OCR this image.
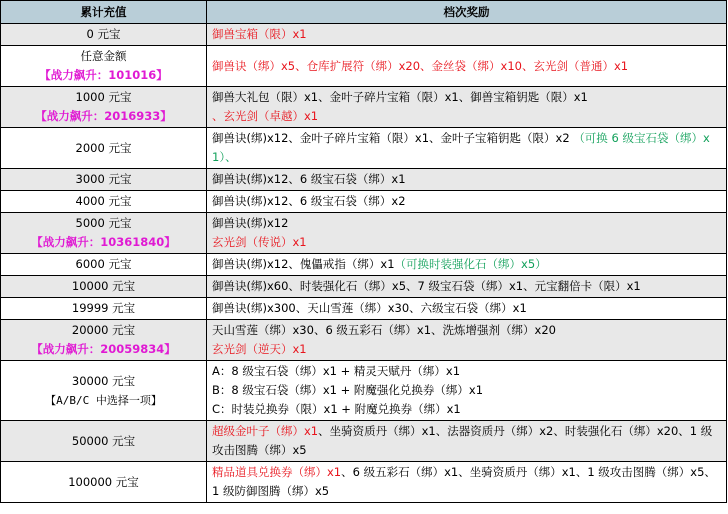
累计充值	档次奖励
0 元宝	御兽宝箱（限）x1

任意金额
【战力飙升：101016】	御兽诀（绑）x5、仓库扩展符（绑）x20、金丝袋（绑）x10、玄光剑（普通）x1

1000 元宝
【战力飙升：2016933】	御兽大礼包（限）x1、金叶子碎片宝箱（限）x1、御兽宝箱钥匙（限）x1
、玄光剑（卓越）x1

2000 元宝	御兽诀(绑)x12、金叶子碎片宝箱（限）x1、金叶子宝箱钥匙（限）x2 （可换 6 级宝石袋（绑）x1）、
3000 元宝	御兽诀(绑)x12、6 级宝石袋（绑）x1
4000 元宝	御兽诀(绑)x12、6 级宝石袋（绑）x2

5000 元宝
【战力飙升：10361840】	御兽诀(绑)x12
玄光剑（传说）x1

6000 元宝	御兽诀(绑)x12、傀儡戒指（绑）x1（可换时装强化石（绑）x5）
10000 元宝	御兽诀(绑)x60、时装强化石（绑）x5、7 级宝石袋（绑）x1、元宝翻倍卡（限）x1
19999 元宝	御兽诀(绑)x300、天山雪莲（绑）x30、六级宝石袋（绑）x1

20000 元宝
【战力飙升：20059834】	天山雪莲（绑）x30、6 级五彩石（绑）x1、洗炼增强剂（绑）x20
玄光剑（逆天）x1

30000 元宝
【A/B/C 中选择一项】	A：8 级宝石袋（绑）x1 + 精灵天赋丹（绑）x1
B：8 级宝石袋（绑）x1 + 附魔强化兑换券（绑）x1
C：时装兑换券（限）x1 + 附魔兑换券（绑）x1

50000 元宝	超级金叶子（绑）x1、坐骑资质丹（绑）x1、法器资质丹（绑）x2、时装强化石（绑）x20、1 级攻击图腾（绑）x5
100000 元宝	精品道具兑换券（绑）x1、6 级五彩石（绑）x1、坐骑资质丹（绑）x1、1 级攻击图腾（绑）x5、1 级防御图腾（绑）x5
